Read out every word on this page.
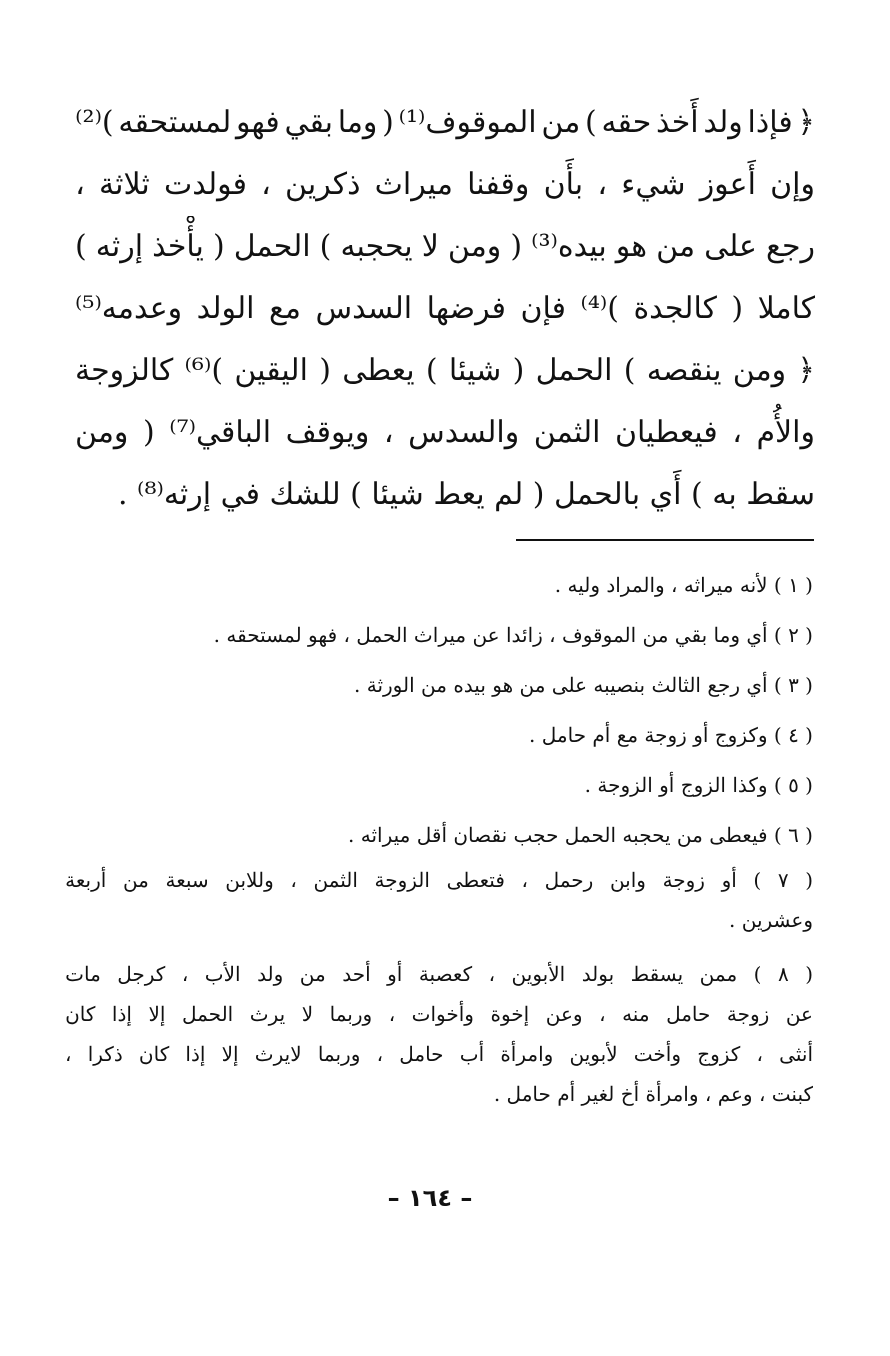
﴿
فإذا
ولد
أَخذ
حقه
)
من
الموقوف⁽¹⁾
(
وما
بقي
فهو
لمستحقه
)⁽²⁾
وإن
أَعوز
شيء
،
بأَن
وقفنا
ميراث
ذكرين
،
فولدت
ثلاثة
،
رجع
على
من
هو
بيده⁽³⁾
(
ومن
لا
يحجبه
)
الحمل
(
يأْخذ
إرثه
)
كاملا
(
كالجدة
)⁽⁴⁾
فإن
فرضها
السدس
مع
الولد
وعدمه⁽⁵⁾
﴿
ومن
ينقصه
)
الحمل
(
شيئا
)
يعطى
(
اليقين
)⁽⁶⁾
كالزوجة
والأُم
،
فيعطيان
الثمن
والسدس
،
ويوقف
الباقي⁽⁷⁾
(
ومن
سقط به ) أَي بالحمل ( لم يعط شيئا ) للشك في إرثه⁽⁸⁾ .
( ١ ) لأنه ميراثه ، والمراد وليه .
( ٢ ) أي وما بقي من الموقوف ، زائدا عن ميراث الحمل ، فهو لمستحقه .
( ٣ ) أي رجع الثالث بنصيبه على من هو بيده من الورثة .
( ٤ ) وكزوج أو زوجة مع أم حامل .
( ٥ ) وكذا الزوج أو الزوجة .
( ٦ ) فيعطى من يحجبه الحمل حجب نقصان أقل ميراثه .
(
٧
)
أو
زوجة
وابن
رحمل
،
فتعطى
الزوجة
الثمن
،
وللابن
سبعة
من
أربعة
وعشرين .
(
٨
)
ممن
يسقط
بولد
الأبوين
،
كعصبة
أو
أحد
من
ولد
الأب
،
كرجل
مات
عن
زوجة
حامل
منه
،
وعن
إخوة
وأخوات
،
وربما
لا
يرث
الحمل
إلا
إذا
كان
أنثى
،
كزوج
وأخت
لأبوين
وامرأة
أب
حامل
،
وربما
لايرث
إلا
إذا
كان
ذكرا
،
كبنت ، وعم ، وامرأة أخ لغير أم حامل .
– ١٦٤ –
